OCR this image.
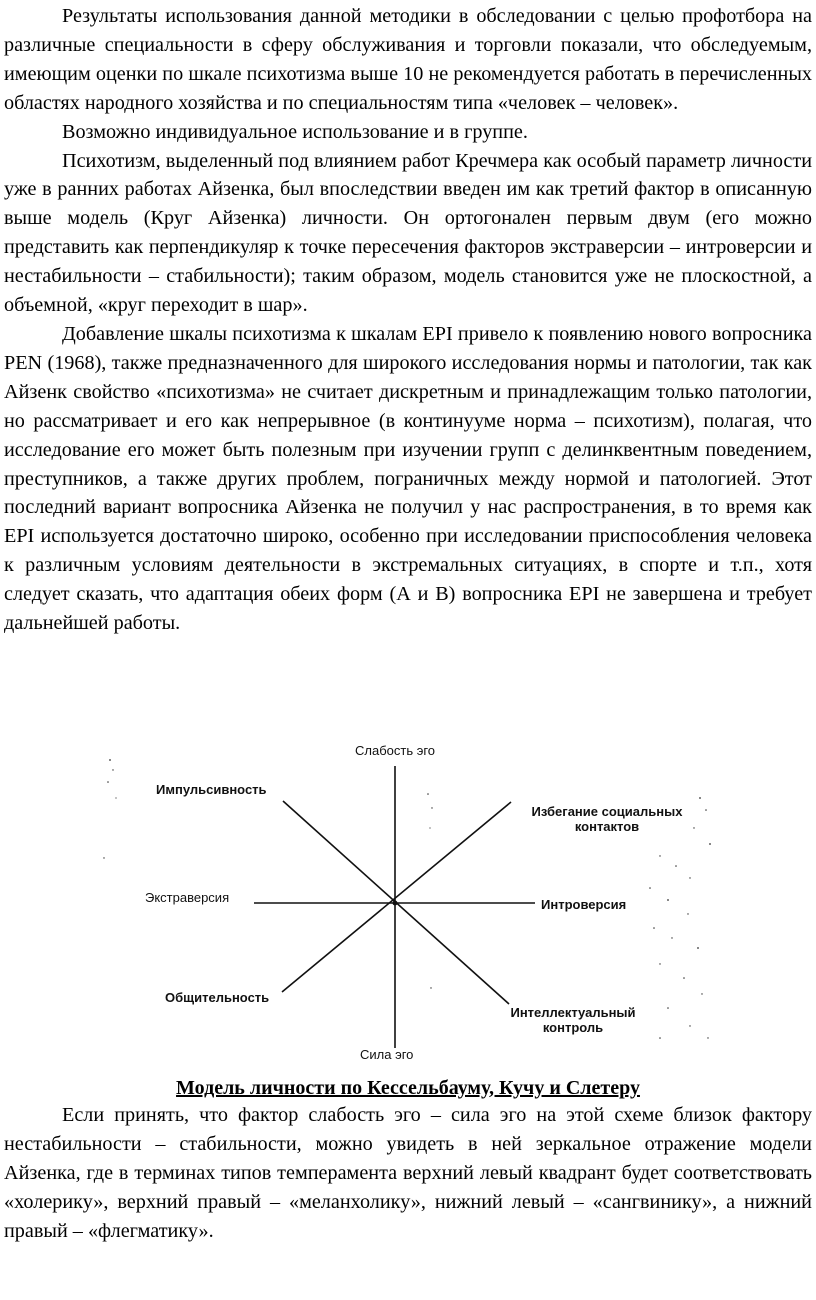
Результаты использования данной методики в обследовании с целью профотбора на различные специальности в сферу обслуживания и торговли показали, что обследуемым, имеющим оценки по шкале психотизма выше 10 не рекомендуется работать в перечисленных областях народного хозяйства и по специальностям типа «человек – человек».

Возможно индивидуальное использование и в группе.

Психотизм, выделенный под влиянием работ Кречмера как особый параметр личности уже в ранних работах Айзенка, был впоследствии введен им как третий фактор в описанную выше модель (Круг Айзенка) личности. Он ортогонален первым двум (его можно представить как перпендикуляр к точке пересечения факторов экстраверсии – интроверсии и нестабильности – стабильности); таким образом, модель становится уже не плоскостной, а объемной, «круг переходит в шар».

Добавление шкалы психотизма к шкалам EPI привело к появлению нового вопросника PEN (1968), также предназначенного для широкого исследования нормы и патологии, так как Айзенк свойство «психотизма» не считает дискретным и принадлежащим только патологии, но рассматривает и его как непрерывное (в континууме норма – психотизм), полагая, что исследование его может быть полезным при изучении групп с делинквентным поведением, преступников, а также других проблем, пограничных между нормой и патологией. Этот последний вариант вопросника Айзенка не получил у нас распространения, в то время как EPI используется достаточно широко, особенно при исследовании приспособления человека к различным условиям деятельности в экстремальных ситуациях, в спорте и т.п., хотя следует сказать, что адаптация обеих форм (А и В) вопросника EPI не завершена и требует дальнейшей работы.

Слабость эго
Импульсивность
Избегание социальных
контактов
Экстраверсия	Интроверсия
Общительность
Интеллектуальный
контроль
Сила эго
Модель личности по Кессельбауму, Кучу и Слетеру

Если принять, что фактор слабость эго – сила эго на этой схеме близок фактору нестабильности – стабильности, можно увидеть в ней зеркальное отражение модели Айзенка, где в терминах типов темперамента верхний левый квадрант будет соответствовать «холерику», верхний правый – «меланхолику», нижний левый – «сангвинику», а нижний правый – «флегматику».
